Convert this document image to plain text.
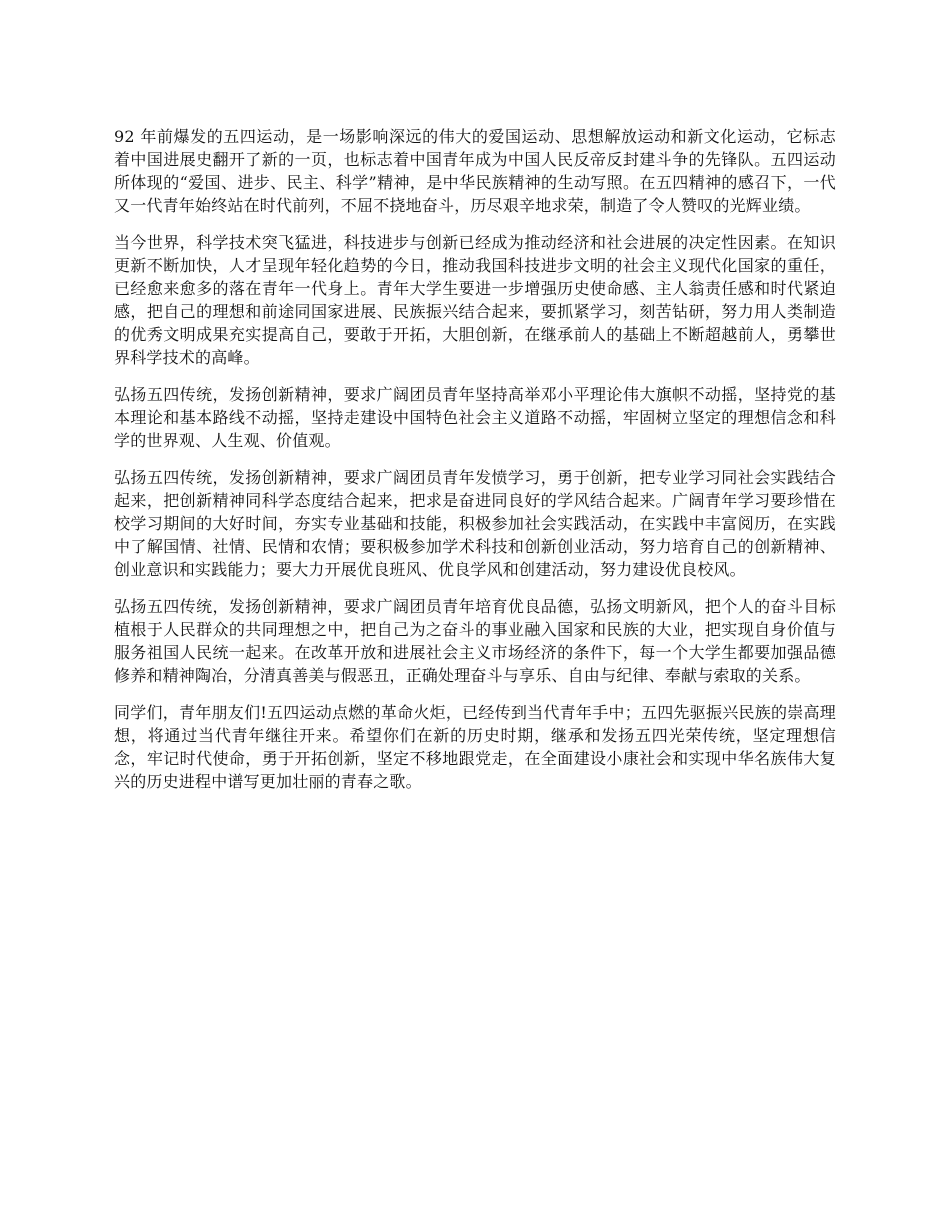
92 年前爆发的五四运动，是一场影响深远的伟大的爱国运动、思想解放运动和新文化运动，它标志着中国进展史翻开了新的一页，也标志着中国青年成为中国人民反帝反封建斗争的先锋队。五四运动所体现的“爱国、进步、民主、科学”精神，是中华民族精神的生动写照。在五四精神的感召下，一代又一代青年始终站在时代前列，不屈不挠地奋斗，历尽艰辛地求荣，制造了令人赞叹的光辉业绩。

当今世界，科学技术突飞猛进，科技进步与创新已经成为推动经济和社会进展的决定性因素。在知识更新不断加快，人才呈现年轻化趋势的今日，推动我国科技进步文明的社会主义现代化国家的重任，已经愈来愈多的落在青年一代身上。青年大学生要进一步增强历史使命感、主人翁责任感和时代紧迫感，把自己的理想和前途同国家进展、民族振兴结合起来，要抓紧学习，刻苦钻研，努力用人类制造的优秀文明成果充实提高自己，要敢于开拓，大胆创新，在继承前人的基础上不断超越前人，勇攀世界科学技术的高峰。

弘扬五四传统，发扬创新精神，要求广阔团员青年坚持高举邓小平理论伟大旗帜不动摇，坚持党的基本理论和基本路线不动摇，坚持走建设中国特色社会主义道路不动摇，牢固树立坚定的理想信念和科学的世界观、人生观、价值观。

弘扬五四传统，发扬创新精神，要求广阔团员青年发愤学习，勇于创新，把专业学习同社会实践结合起来，把创新精神同科学态度结合起来，把求是奋进同良好的学风结合起来。广阔青年学习要珍惜在校学习期间的大好时间，夯实专业基础和技能，积极参加社会实践活动，在实践中丰富阅历，在实践中了解国情、社情、民情和农情；要积极参加学术科技和创新创业活动，努力培育自己的创新精神、创业意识和实践能力；要大力开展优良班风、优良学风和创建活动，努力建设优良校风。

弘扬五四传统，发扬创新精神，要求广阔团员青年培育优良品德，弘扬文明新风，把个人的奋斗目标植根于人民群众的共同理想之中，把自己为之奋斗的事业融入国家和民族的大业，把实现自身价值与服务祖国人民统一起来。在改革开放和进展社会主义市场经济的条件下，每一个大学生都要加强品德修养和精神陶冶，分清真善美与假恶丑，正确处理奋斗与享乐、自由与纪律、奉献与索取的关系。

同学们，青年朋友们!五四运动点燃的革命火炬，已经传到当代青年手中；五四先驱振兴民族的崇高理想，将通过当代青年继往开来。希望你们在新的历史时期，继承和发扬五四光荣传统，坚定理想信念，牢记时代使命，勇于开拓创新，坚定不移地跟党走，在全面建设小康社会和实现中华名族伟大复兴的历史进程中谱写更加壮丽的青春之歌。
